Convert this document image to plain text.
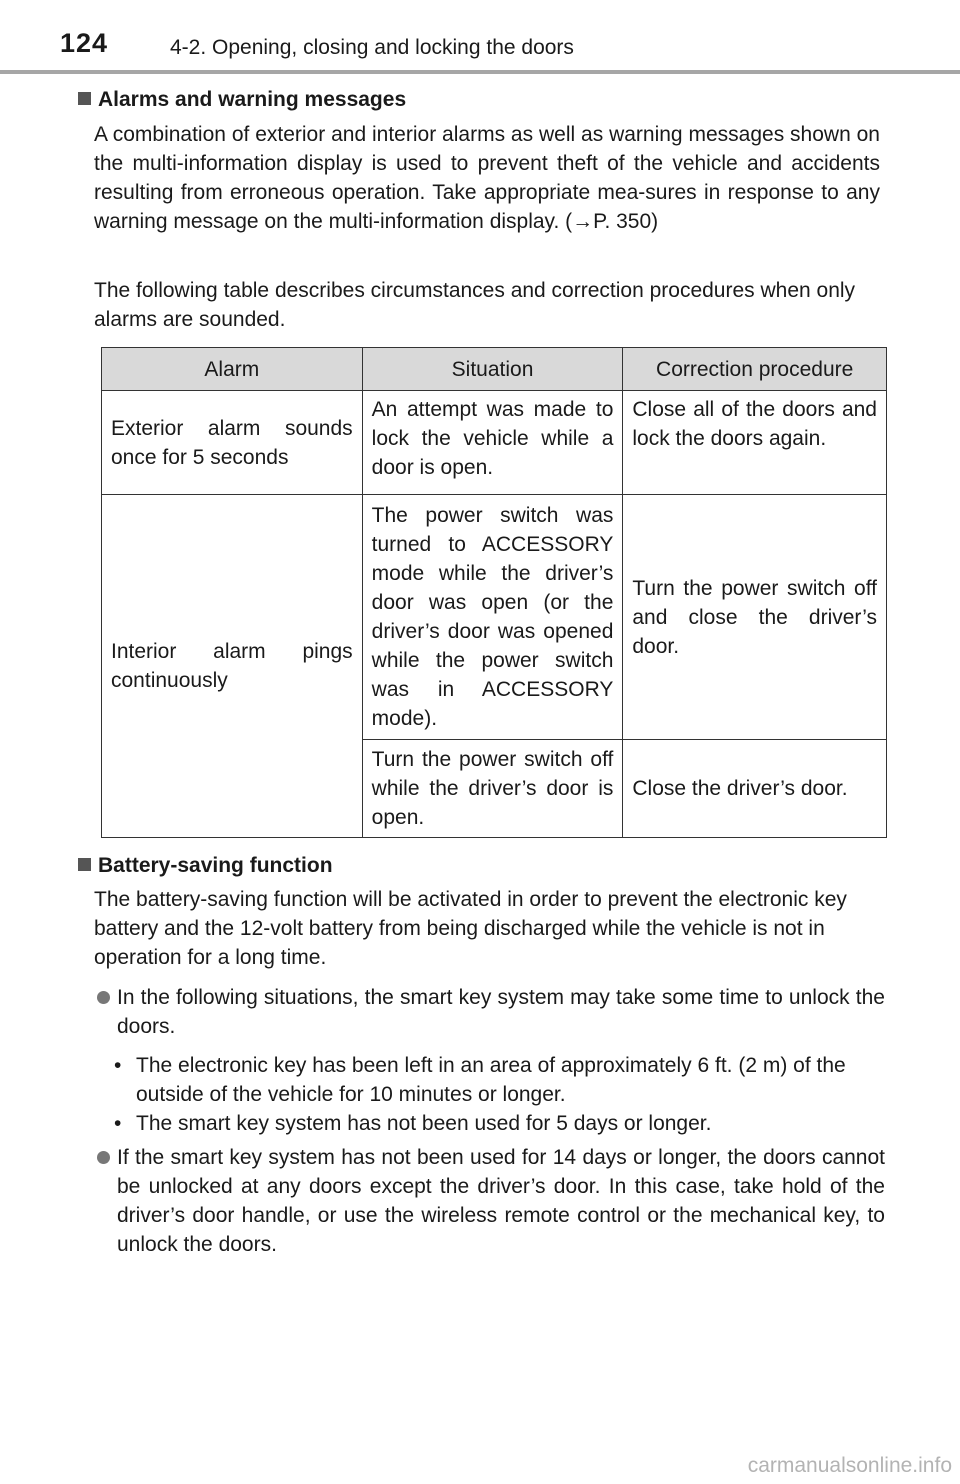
124	4-2. Opening, closing and locking the doors
Alarms and warning messages
A combination of exterior and interior alarms as well as warning messages shown on the multi-information display is used to prevent theft of the vehicle and accidents resulting from erroneous operation. Take appropriate mea-sures in response to any warning message on the multi-information display. (→P. 350)
The following table describes circumstances and correction procedures when only alarms are sounded.
Alarm	Situation	Correction procedure
Exterior alarm sounds once for 5 seconds	An attempt was made to lock the vehicle while a door is open.	Close all of the doors and lock the doors again.
Interior alarm pings continuously	The power switch was turned to ACCESSORY mode while the driver’s door was open (or the driver’s door was opened while the power switch was in ACCESSORY mode).	Turn the power switch off and close the driver’s door.
	Turn the power switch off while the driver’s door is open.	Close the driver’s door.
Battery-saving function
The battery-saving function will be activated in order to prevent the electronic key battery and the 12-volt battery from being discharged while the vehicle is not in operation for a long time.
In the following situations, the smart key system may take some time to unlock the doors.
• The electronic key has been left in an area of approximately 6 ft. (2 m) of the outside of the vehicle for 10 minutes or longer.
• The smart key system has not been used for 5 days or longer.
If the smart key system has not been used for 14 days or longer, the doors cannot be unlocked at any doors except the driver’s door. In this case, take hold of the driver’s door handle, or use the wireless remote control or the mechanical key, to unlock the doors.
carmanualsonline.info
